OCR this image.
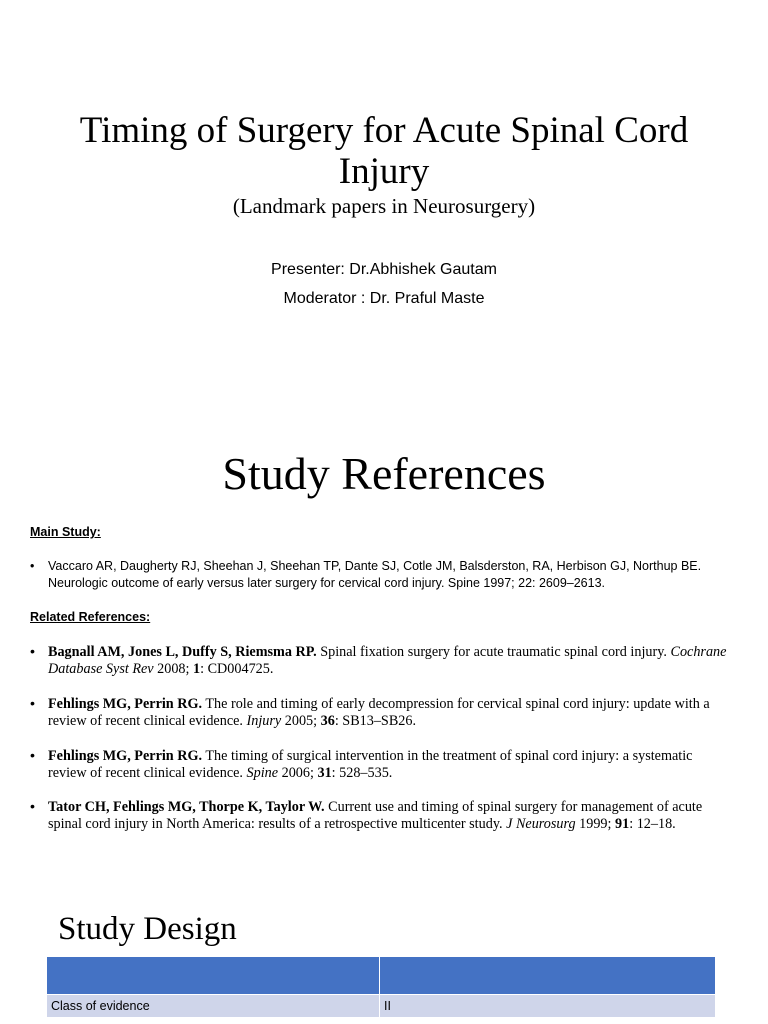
Timing of Surgery for Acute Spinal Cord Injury
(Landmark papers in Neurosurgery)
Presenter: Dr.Abhishek Gautam
Moderator : Dr. Praful Maste
Study References
Main Study:
•	Vaccaro AR, Daugherty RJ, Sheehan J, Sheehan TP, Dante SJ, Cotle JM, Balsderston, RA, Herbison GJ, Northup BE. Neurologic outcome of early versus later surgery for cervical cord injury. Spine 1997; 22: 2609–2613.
Related References:
• Bagnall AM, Jones L, Duffy S, Riemsma RP. Spinal fixation surgery for acute traumatic spinal cord injury. Cochrane Database Syst Rev 2008; 1: CD004725.
• Fehlings MG, Perrin RG. The role and timing of early decompression for cervical spinal cord injury: update with a review of recent clinical evidence. Injury 2005; 36: SB13–SB26.
• Fehlings MG, Perrin RG. The timing of surgical intervention in the treatment of spinal cord injury: a systematic review of recent clinical evidence. Spine 2006; 31: 528–535.
• Tator CH, Fehlings MG, Thorpe K, Taylor W. Current use and timing of spinal surgery for management of acute spinal cord injury in North America: results of a retrospective multicenter study. J Neurosurg 1999; 91: 12–18.
Study Design

Class of evidence	II
